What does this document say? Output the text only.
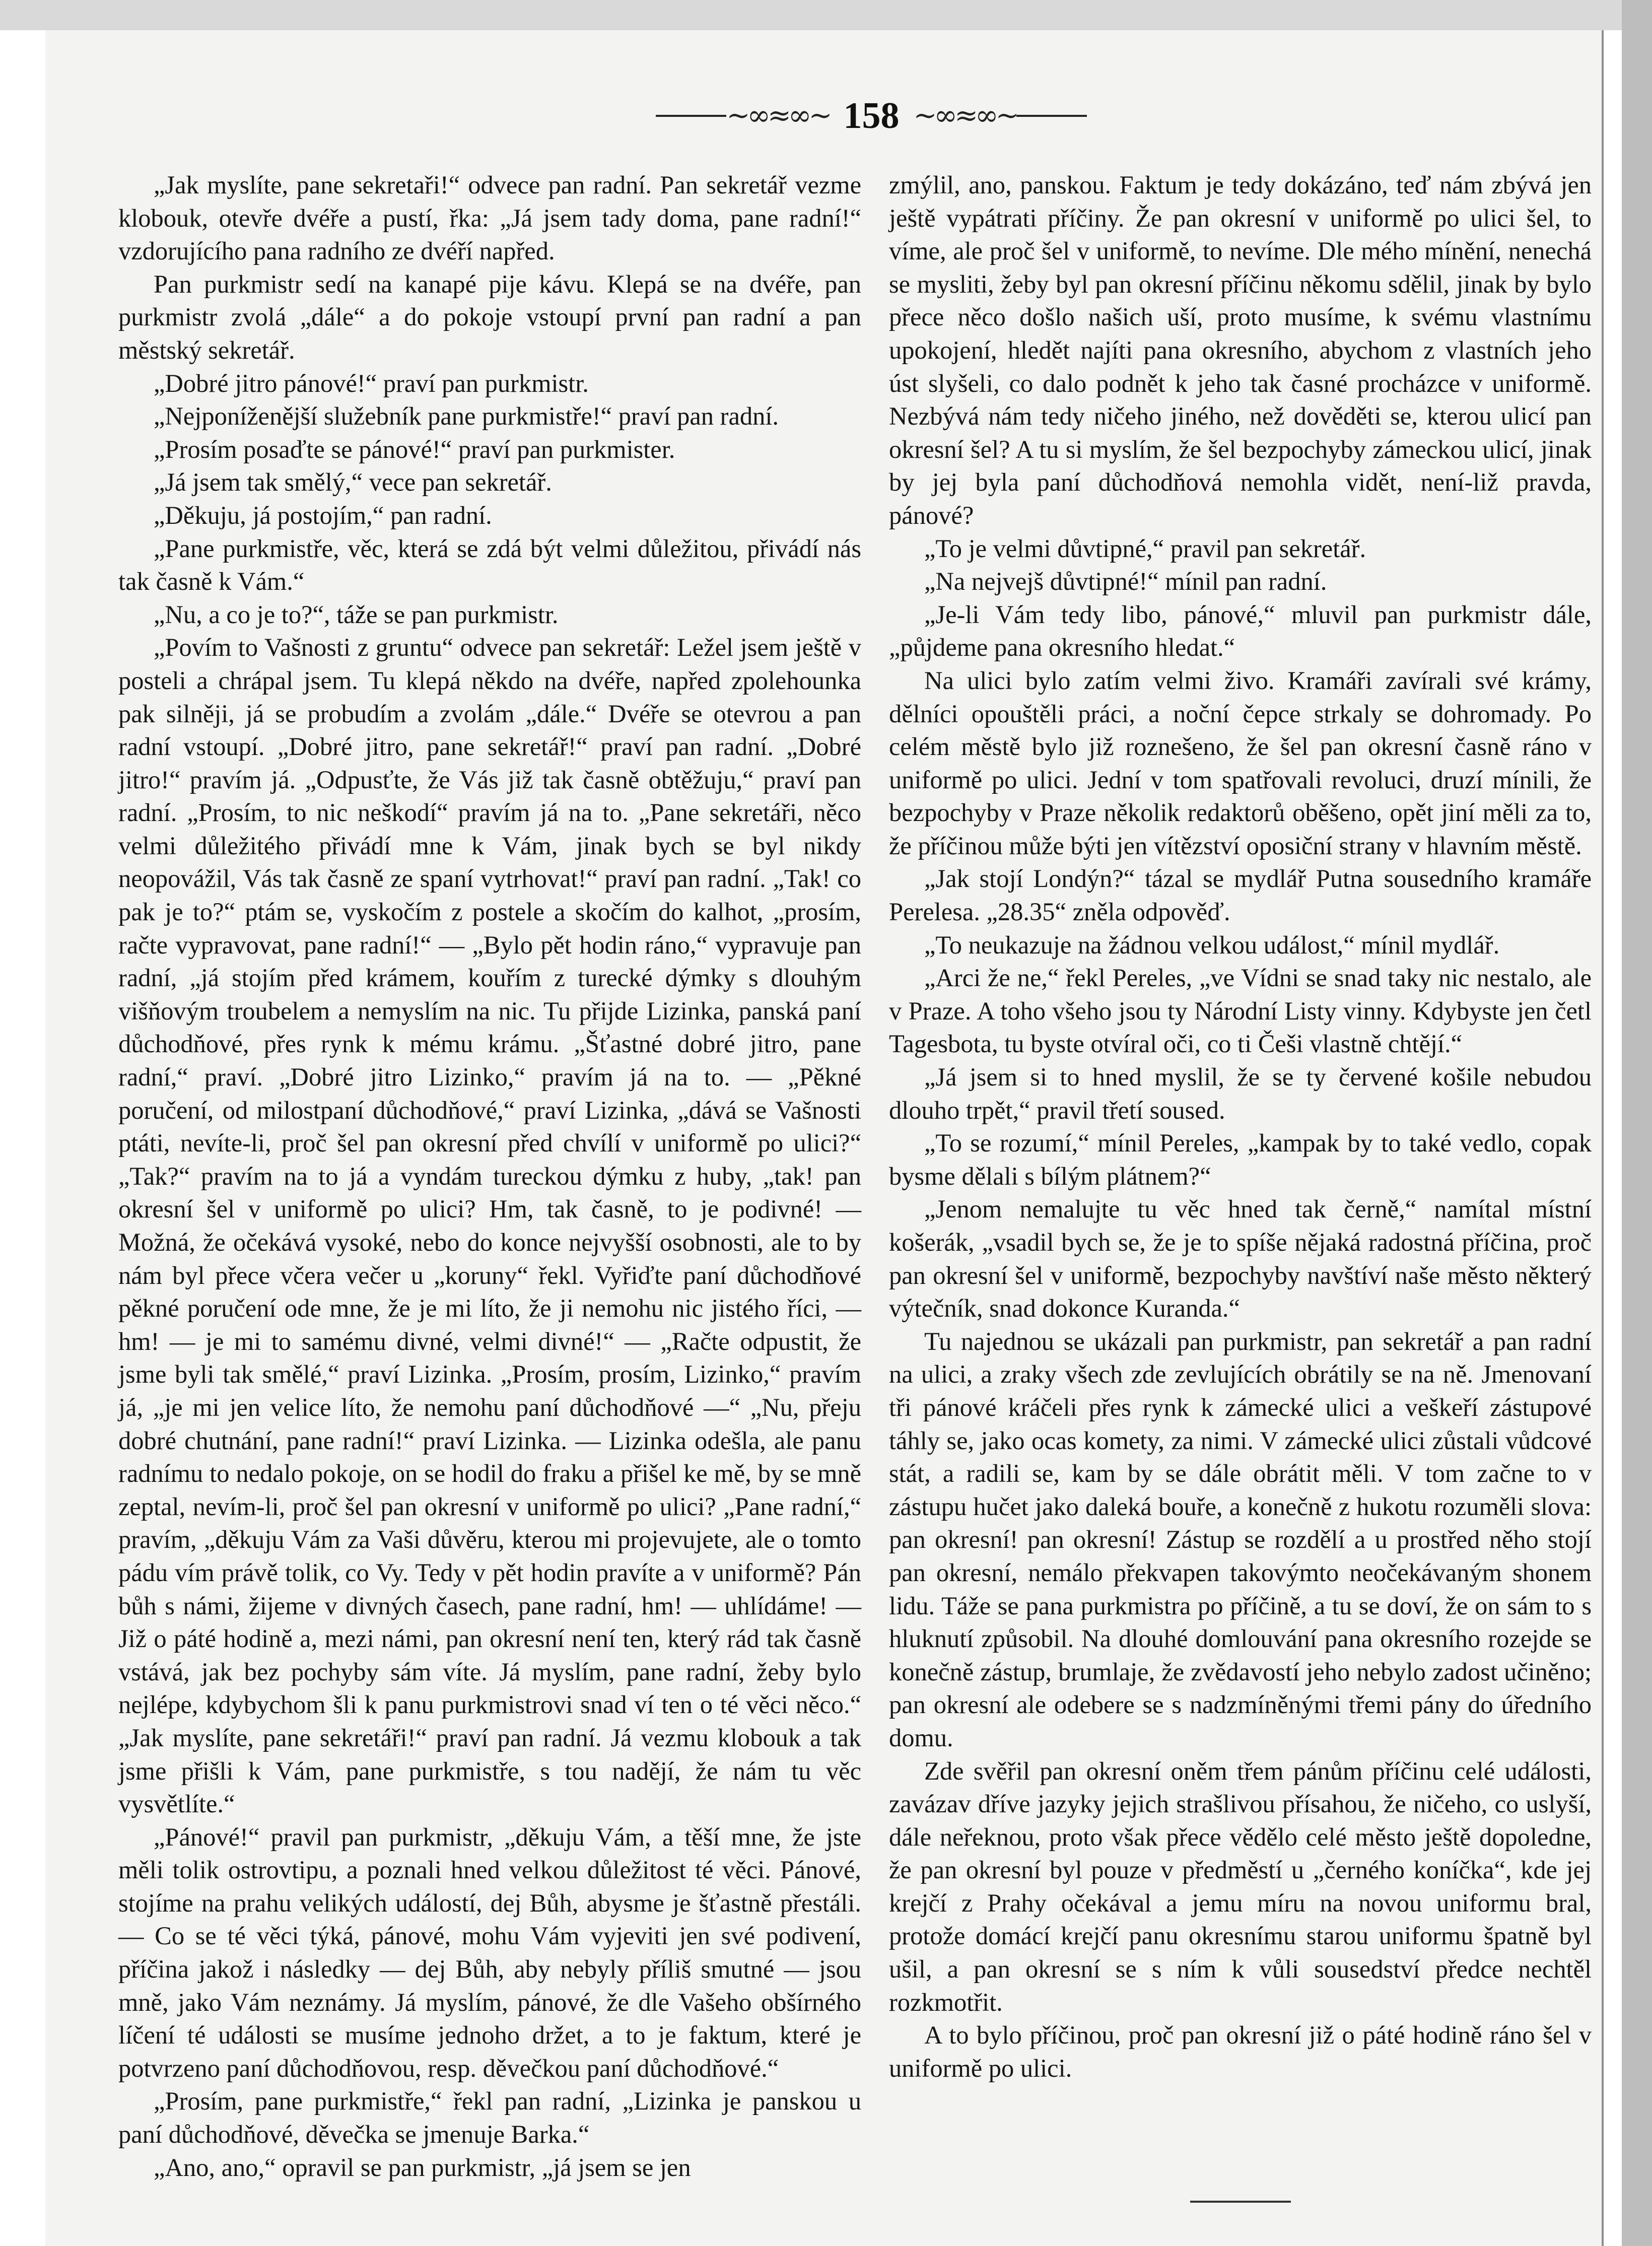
~∞≈∞~ 158 ~∞≈∞~

„Jak myslíte, pane sekretaři!“ odvece pan radní. Pan sekretář vezme klobouk, otevře dvéře a pustí, řka: „Já jsem tady doma, pane radní!“ vzdorujícího pana radního ze dvéří napřed.

Pan purkmistr sedí na kanapé pije kávu. Klepá se na dvéře, pan purkmistr zvolá „dále“ a do pokoje vstoupí první pan radní a pan městský sekretář.

„Dobré jitro pánové!“ praví pan purkmistr.

„Nejponíženější služebník pane purkmistře!“ praví pan radní.

„Prosím posaďte se pánové!“ praví pan purkmister.

„Já jsem tak smělý,“ vece pan sekretář.

„Děkuju, já postojím,“ pan radní.

„Pane purkmistře, věc, která se zdá být velmi důležitou, přivádí nás tak časně k Vám.“

„Nu, a co je to?“, táže se pan purkmistr.

„Povím to Vašnosti z gruntu“ odvece pan sekretář: Ležel jsem ještě v posteli a chrápal jsem. Tu klepá někdo na dvéře, napřed zpolehounka pak silněji, já se probudím a zvolám „dále.“ Dvéře se otevrou a pan radní vstoupí. „Dobré jitro, pane sekretář!“ praví pan radní. „Dobré jitro!“ pravím já. „Odpusťte, že Vás již tak časně obtěžuju,“ praví pan radní. „Prosím, to nic neškodí“ pravím já na to. „Pane sekretáři, něco velmi důležitého přivádí mne k Vám, jinak bych se byl nikdy neopovážil, Vás tak časně ze spaní vytrhovat!“ praví pan radní. „Tak! co pak je to?“ ptám se, vyskočím z postele a skočím do kalhot, „prosím, račte vypravovat, pane radní!“ — „Bylo pět hodin ráno,“ vypravuje pan radní, „já stojím před krámem, kouřím z turecké dýmky s dlouhým višňovým troubelem a nemyslím na nic. Tu přijde Lizinka, panská paní důchodňové, přes rynk k mému krámu. „Šťastné dobré jitro, pane radní,“ praví. „Dobré jitro Lizinko,“ pravím já na to. — „Pěkné poručení, od milostpaní důchodňové,“ praví Lizinka, „dává se Vašnosti ptáti, nevíte-li, proč šel pan okresní před chvílí v uniformě po ulici?“ „Tak?“ pravím na to já a vyndám tureckou dýmku z huby, „tak! pan okresní šel v uniformě po ulici? Hm, tak časně, to je podivné! — Možná, že očekává vysoké, nebo do konce nejvyšší osobnosti, ale to by nám byl přece včera večer u „koruny“ řekl. Vyřiďte paní důchodňové pěkné poručení ode mne, že je mi líto, že ji nemohu nic jistého říci, — hm! — je mi to samému divné, velmi divné!“ — „Račte odpustit, že jsme byli tak smělé,“ praví Lizinka. „Prosím, prosím, Lizinko,“ pravím já, „je mi jen velice líto, že nemohu paní důchodňové —“ „Nu, přeju dobré chutnání, pane radní!“ praví Lizinka. — Lizinka odešla, ale panu radnímu to nedalo pokoje, on se hodil do fraku a přišel ke mě, by se mně zeptal, nevím-li, proč šel pan okresní v uniformě po ulici? „Pane radní,“ pravím, „děkuju Vám za Vaši důvěru, kterou mi projevujete, ale o tomto pádu vím právě tolik, co Vy. Tedy v pět hodin pravíte a v uniformě? Pán bůh s námi, žijeme v divných časech, pane radní, hm! — uhlídáme! — Již o páté hodině a, mezi námi, pan okresní není ten, který rád tak časně vstává, jak bez pochyby sám víte. Já myslím, pane radní, žeby bylo nejlépe, kdybychom šli k panu purkmistrovi snad ví ten o té věci něco.“ „Jak myslíte, pane sekretáři!“ praví pan radní. Já vezmu klobouk a tak jsme přišli k Vám, pane purkmistře, s tou nadějí, že nám tu věc vysvětlíte.“

„Pánové!“ pravil pan purkmistr, „děkuju Vám, a těší mne, že jste měli tolik ostrovtipu, a poznali hned velkou důležitost té věci. Pánové, stojíme na prahu velikých událostí, dej Bůh, abysme je šťastně přestáli. — Co se té věci týká, pánové, mohu Vám vyjeviti jen své podivení, příčina jakož i následky — dej Bůh, aby nebyly příliš smutné — jsou mně, jako Vám neznámy. Já myslím, pánové, že dle Vašeho obšírného líčení té události se musíme jednoho držet, a to je faktum, které je potvrzeno paní důchodňovou, resp. děvečkou paní důchodňové.“

„Prosím, pane purkmistře,“ řekl pan radní, „Lizinka je panskou u paní důchodňové, děvečka se jmenuje Barka.“

„Ano, ano,“ opravil se pan purkmistr, „já jsem se jen

zmýlil, ano, panskou. Faktum je tedy dokázáno, teď nám zbývá jen ještě vypátrati příčiny. Že pan okresní v uniformě po ulici šel, to víme, ale proč šel v uniformě, to nevíme. Dle mého mínění, nenechá se mysliti, žeby byl pan okresní příčinu někomu sdělil, jinak by bylo přece něco došlo našich uší, proto musíme, k svému vlastnímu upokojení, hledět najíti pana okresního, abychom z vlastních jeho úst slyšeli, co dalo podnět k jeho tak časné procházce v uniformě. Nezbývá nám tedy ničeho jiného, než dověděti se, kterou ulicí pan okresní šel? A tu si myslím, že šel bezpochyby zámeckou ulicí, jinak by jej byla paní důchodňová nemohla vidět, není-liž pravda, pánové?

„To je velmi důvtipné,“ pravil pan sekretář.

„Na nejvejš důvtipné!“ mínil pan radní.

„Je-li Vám tedy libo, pánové,“ mluvil pan purkmistr dále, „půjdeme pana okresního hledat.“

Na ulici bylo zatím velmi živo. Kramáři zavírali své krámy, dělníci opouštěli práci, a noční čepce strkaly se dohromady. Po celém městě bylo již roznešeno, že šel pan okresní časně ráno v uniformě po ulici. Jední v tom spatřovali revoluci, druzí mínili, že bezpochyby v Praze několik redaktorů oběšeno, opět jiní měli za to, že příčinou může býti jen vítězství oposiční strany v hlavním městě.

„Jak stojí Londýn?“ tázal se mydlář Putna sousedního kramáře Perelesa. „28.35“ zněla odpověď.

„To neukazuje na žádnou velkou událost,“ mínil mydlář.

„Arci že ne,“ řekl Pereles, „ve Vídni se snad taky nic nestalo, ale v Praze. A toho všeho jsou ty Národní Listy vinny. Kdybyste jen četl Tagesbota, tu byste otvíral oči, co ti Češi vlastně chtějí.“

„Já jsem si to hned myslil, že se ty červené košile nebudou dlouho trpět,“ pravil třetí soused.

„To se rozumí,“ mínil Pereles, „kampak by to také vedlo, copak bysme dělali s bílým plátnem?“

„Jenom nemalujte tu věc hned tak černě,“ namítal místní košerák, „vsadil bych se, že je to spíše nějaká radostná příčina, proč pan okresní šel v uniformě, bezpochyby navštíví naše město některý výtečník, snad dokonce Kuranda.“

Tu najednou se ukázali pan purkmistr, pan sekretář a pan radní na ulici, a zraky všech zde zevlujících obrátily se na ně. Jmenovaní tři pánové kráčeli přes rynk k zámecké ulici a veškeří zástupové táhly se, jako ocas komety, za nimi. V zámecké ulici zůstali vůdcové stát, a radili se, kam by se dále obrátit měli. V tom začne to v zástupu hučet jako daleká bouře, a konečně z hukotu rozuměli slova: pan okresní! pan okresní! Zástup se rozdělí a u prostřed něho stojí pan okresní, nemálo překvapen takovýmto neočekávaným shonem lidu. Táže se pana purkmistra po příčině, a tu se doví, že on sám to s hluknutí způsobil. Na dlouhé domlouvání pana okresního rozejde se konečně zástup, brumlaje, že zvědavostí jeho nebylo zadost učiněno; pan okresní ale odebere se s nadzmíněnými třemi pány do úředního domu.

Zde svěřil pan okresní oněm třem pánům příčinu celé události, zavázav dříve jazyky jejich strašlivou přísahou, že ničeho, co uslyší, dále neřeknou, proto však přece vědělo celé město ještě dopoledne, že pan okresní byl pouze v předměstí u „černého koníčka“, kde jej krejčí z Prahy očekával a jemu míru na novou uniformu bral, protože domácí krejčí panu okresnímu starou uniformu špatně byl ušil, a pan okresní se s ním k vůli sousedství předce nechtěl rozkmotřit.

A to bylo příčinou, proč pan okresní již o páté hodině ráno šel v uniformě po ulici.
